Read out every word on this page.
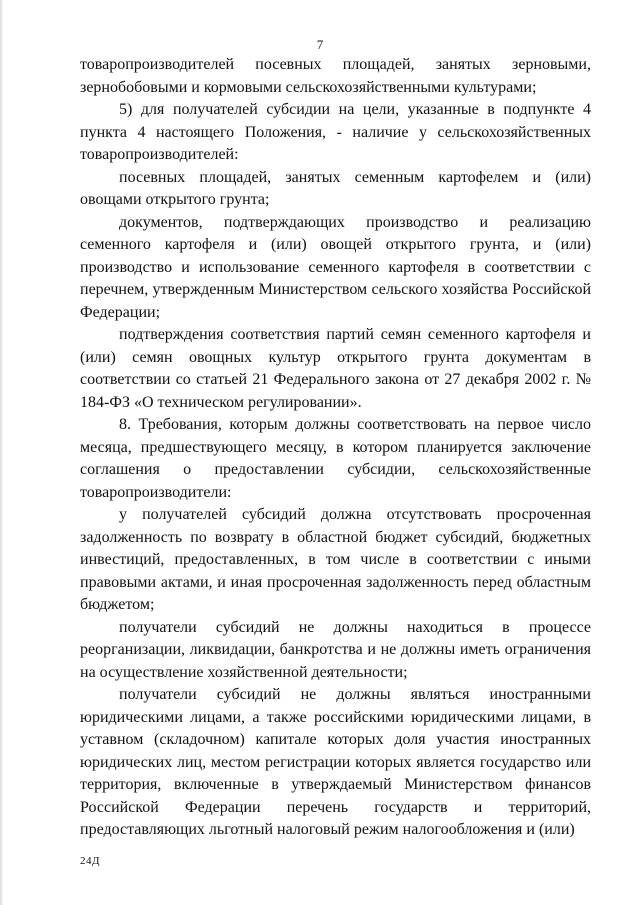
7

товаропроизводителей посевных площадей, занятых зерновыми, зернобобовыми и кормовыми сельскохозяйственными культурами;

5) для получателей субсидии на цели, указанные в подпункте 4 пункта 4 настоящего Положения, - наличие у сельскохозяйственных товаропроизводителей:

посевных площадей, занятых семенным картофелем и (или) овощами открытого грунта;

документов, подтверждающих производство и реализацию семенного картофеля и (или) овощей открытого грунта, и (или) производство и использование семенного картофеля в соответствии с перечнем, утвержденным Министерством сельского хозяйства Российской Федерации;

подтверждения соответствия партий семян семенного картофеля и (или) семян овощных культур открытого грунта документам в соответствии со статьей 21 Федерального закона от 27 декабря 2002 г. № 184-ФЗ «О техническом регулировании».

8. Требования, которым должны соответствовать на первое число месяца, предшествующего месяцу, в котором планируется заключение соглашения о предоставлении субсидии, сельскохозяйственные товаропроизводители:

у получателей субсидий должна отсутствовать просроченная задолженность по возврату в областной бюджет субсидий, бюджетных инвестиций, предоставленных, в том числе в соответствии с иными правовыми актами, и иная просроченная задолженность перед областным бюджетом;

получатели субсидий не должны находиться в процессе реорганизации, ликвидации, банкротства и не должны иметь ограничения на осуществление хозяйственной деятельности;

получатели субсидий не должны являться иностранными юридическими лицами, а также российскими юридическими лицами, в уставном (складочном) капитале которых доля участия иностранных юридических лиц, местом регистрации которых является государство или территория, включенные в утверждаемый Министерством финансов Российской Федерации перечень государств и территорий, предоставляющих льготный налоговый режим налогообложения и (или)

24Д
